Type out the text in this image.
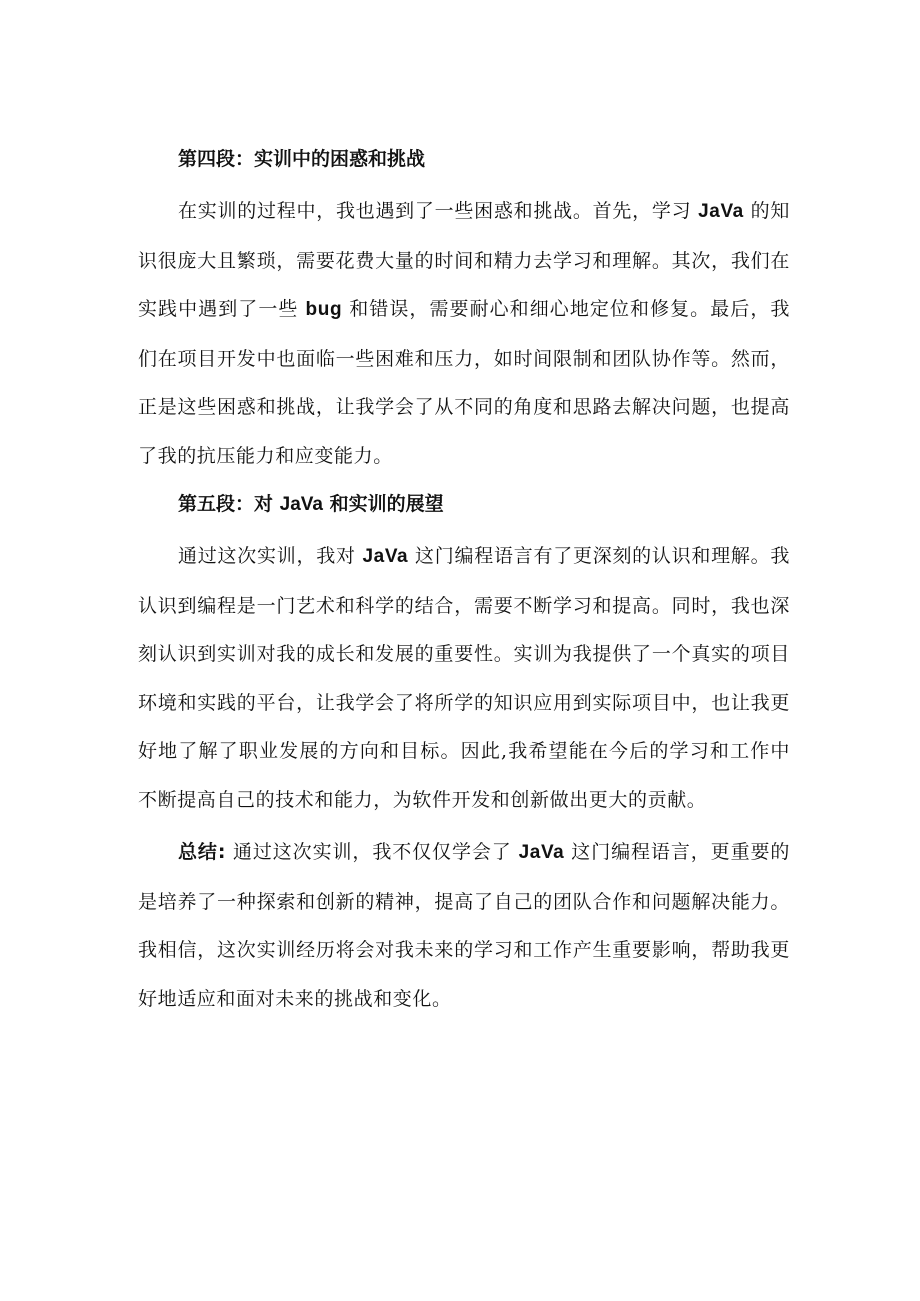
第四段：实训中的困惑和挑战

在实训的过程中，我也遇到了一些困惑和挑战。首先，学习 JaVa 的知识很庞大且繁琐，需要花费大量的时间和精力去学习和理解。其次，我们在实践中遇到了一些 bug 和错误，需要耐心和细心地定位和修复。最后，我们在项目开发中也面临一些困难和压力，如时间限制和团队协作等。然而，正是这些困惑和挑战，让我学会了从不同的角度和思路去解决问题，也提高了我的抗压能力和应变能力。

第五段：对 JaVa 和实训的展望

通过这次实训，我对 JaVa 这门编程语言有了更深刻的认识和理解。我认识到编程是一门艺术和科学的结合，需要不断学习和提高。同时，我也深刻认识到实训对我的成长和发展的重要性。实训为我提供了一个真实的项目环境和实践的平台，让我学会了将所学的知识应用到实际项目中，也让我更好地了解了职业发展的方向和目标。因此,我希望能在今后的学习和工作中不断提高自己的技术和能力，为软件开发和创新做出更大的贡献。

总结: 通过这次实训，我不仅仅学会了 JaVa 这门编程语言，更重要的是培养了一种探索和创新的精神，提高了自己的团队合作和问题解决能力。我相信，这次实训经历将会对我未来的学习和工作产生重要影响，帮助我更好地适应和面对未来的挑战和变化。
